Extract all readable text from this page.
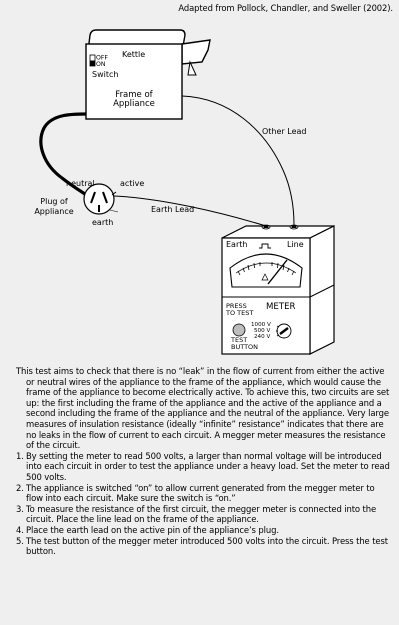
Adapted from Pollock, Chandler, and Sweller (2002).
OFF
ON
Kettle
Switch
Frame of
Appliance
Other Lead
neutral	active
Plug of
Appliance
earth
Earth Lead
Earth	Line
METER
PRESS
TO TEST
TEST
BUTTON
1000 V
500 V
240 V

This test aims to check that there is no “leak” in the flow of current from either the active or neutral wires of the appliance to the frame of the appliance, which would cause the frame of the appliance to become electrically active. To achieve this, two circuits are set up: the first including the frame of the appliance and the active of the appliance and a second including the frame of the appliance and the neutral of the appliance. Very large measures of insulation resistance (ideally “infinite” resistance” indicates that there are no leaks in the flow of current to each circuit. A megger meter measures the resistance of the circuit.

1. By setting the meter to read 500 volts, a larger than normal voltage will be introduced into each circuit in order to test the appliance under a heavy load. Set the meter to read 500 volts.
2. The appliance is switched “on” to allow current generated from the megger meter to flow into each circuit. Make sure the switch is “on.”
3. To measure the resistance of the first circuit, the megger meter is connected into the circuit. Place the line lead on the frame of the appliance.
4. Place the earth lead on the active pin of the appliance’s plug.
5. The test button of the megger meter introduced 500 volts into the circuit. Press the test button.
